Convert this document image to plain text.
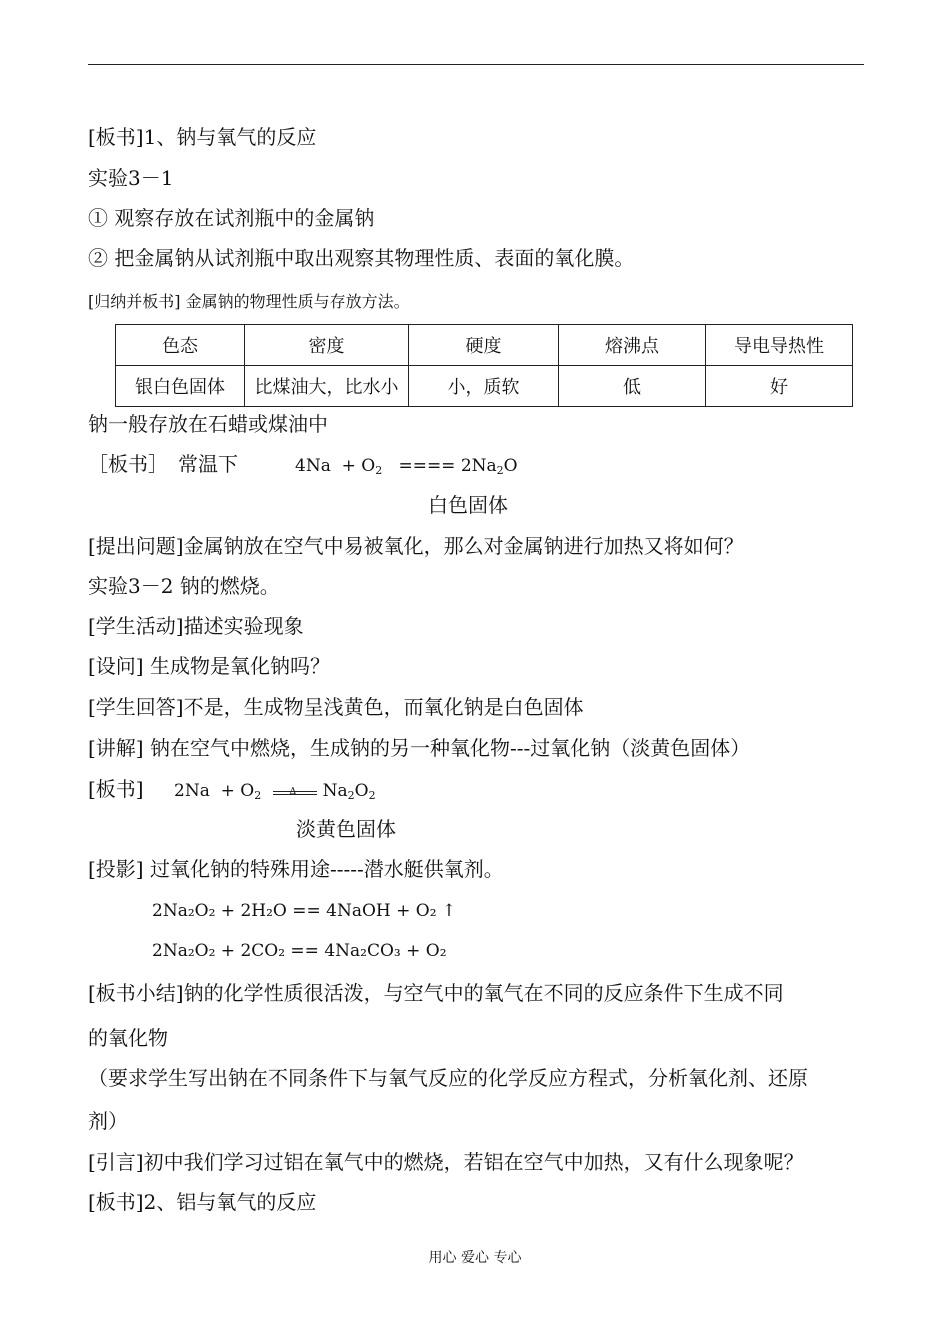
[板书]1、钠与氧气的反应
实验3－1
① 观察存放在试剂瓶中的金属钠
② 把金属钠从试剂瓶中取出观察其物理性质、表面的氧化膜。
[归纳并板书] 金属钠的物理性质与存放方法。
色态	密度	硬度	熔沸点	导电导热性
银白色固体	比煤油大，比水小	小，质软	低	好
钠一般存放在石蜡或煤油中
［板书］　常温下	$4Na + O_2$ ==== $2Na_2O$
白色固体
[提出问题]金属钠放在空气中易被氧化，那么对金属钠进行加热又将如何？
实验3－2 钠的燃烧。
[学生活动]描述实验现象
[设问] 生成物是氧化钠吗？
[学生回答]不是，生成物呈浅黄色，而氧化钠是白色固体
[讲解] 钠在空气中燃烧，生成钠的另一种氧化物---过氧化钠（淡黄色固体）
[板书] $2Na + O_2$	Δ $Na_2O_2$
淡黄色固体
[投影] 过氧化钠的特殊用途-----潜水艇供氧剂。
2Na₂O₂ + 2H₂O == 4NaOH + O₂ ↑
2Na₂O₂ + 2CO₂ == 4Na₂CO₃ + O₂
[板书小结]钠的化学性质很活泼，与空气中的氧气在不同的反应条件下生成不同
的氧化物
（要求学生写出钠在不同条件下与氧气反应的化学反应方程式，分析氧化剂、还原
剂）
[引言]初中我们学习过铝在氧气中的燃烧，若铝在空气中加热，又有什么现象呢？
[板书]2、铝与氧气的反应
用心 爱心 专心
